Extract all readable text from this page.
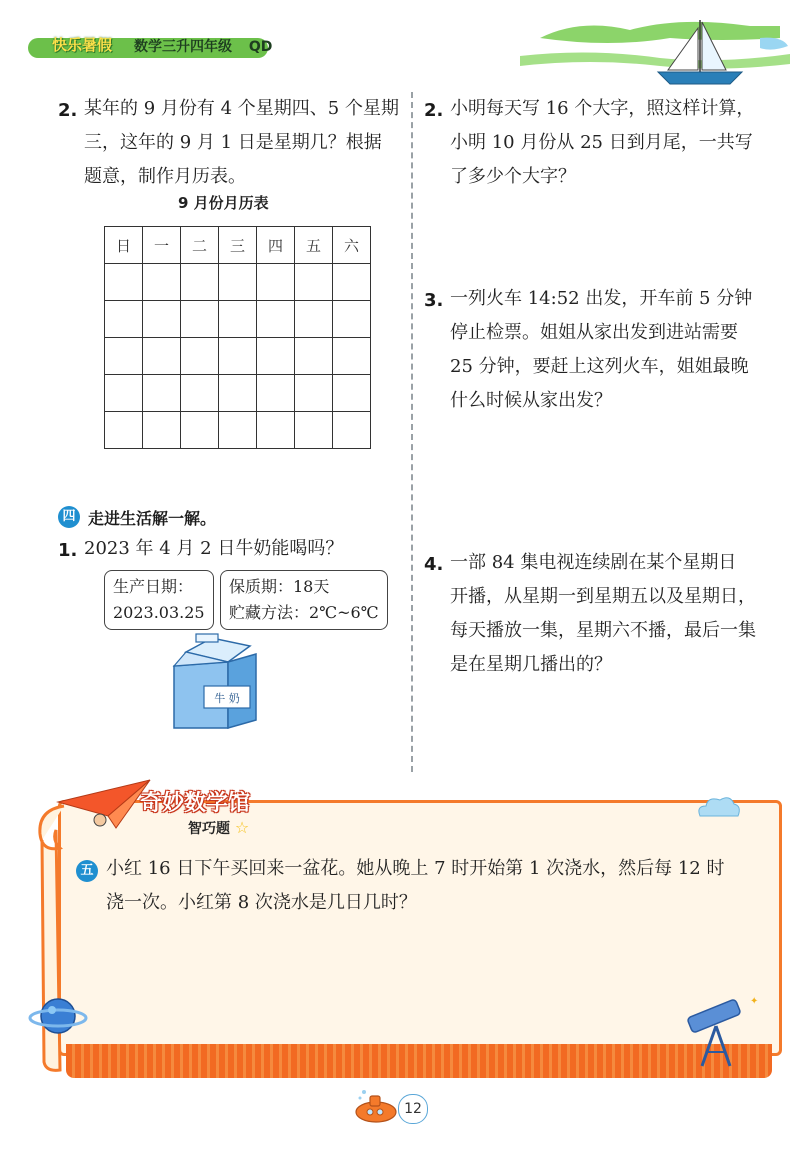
快乐暑假 数学三升四年级 QD
2. 某年的 9 月份有 4 个星期四、5 个星期
三，这年的 9 月 1 日是星期几？根据
题意，制作月历表。
9 月份月历表
日	一	二	三	四	五	六

四 走进生活解一解。
1. 2023 年 4 月 2 日牛奶能喝吗？
生产日期：
2023.03.25
保质期：18天
贮藏方法：2℃~6℃
牛 奶
2. 小明每天写 16 个大字，照这样计算，
小明 10 月份从 25 日到月尾，一共写
了多少个大字？
3. 一列火车 14:52 出发，开车前 5 分钟
停止检票。姐姐从家出发到进站需要
25 分钟，要赶上这列火车，姐姐最晚
什么时候从家出发？
4. 一部 84 集电视连续剧在某个星期日
开播，从星期一到星期五以及星期日，
每天播放一集，星期六不播，最后一集
是在星期几播出的？
奇妙数学馆
智巧题 ☆
五 小红 16 日下午买回来一盆花。她从晚上 7 时开始第 1 次浇水，然后每 12 时
浇一次。小红第 8 次浇水是几日几时？
✦
12
